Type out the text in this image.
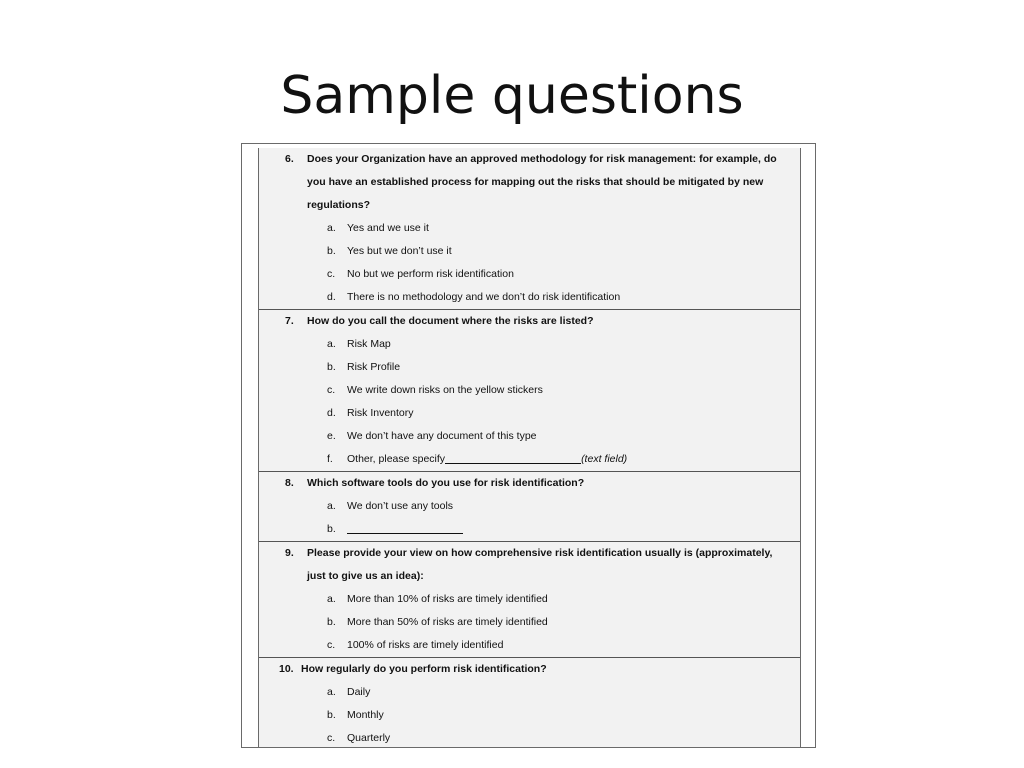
Sample questions
6. Does your Organization have an approved methodology for risk management: for example, do
you have an established process for mapping out the risks that should be mitigated by new
regulations?
a. Yes and we use it
b. Yes but we don’t use it
c. No but we perform risk identification
d. There is no methodology and we don’t do risk identification
7. How do you call the document where the risks are listed?
a. Risk Map
b. Risk Profile
c. We write down risks on the yellow stickers
d. Risk Inventory
e. We don’t have any document of this type
f. Other, please specify	(text field)
8. Which software tools do you use for risk identification?
a. We don’t use any tools
b.
9. Please provide your view on how comprehensive risk identification usually is (approximately,
just to give us an idea):
a. More than 10% of risks are timely identified
b. More than 50% of risks are timely identified
c. 100% of risks are timely identified
10. How regularly do you perform risk identification?
a. Daily
b. Monthly
c. Quarterly
